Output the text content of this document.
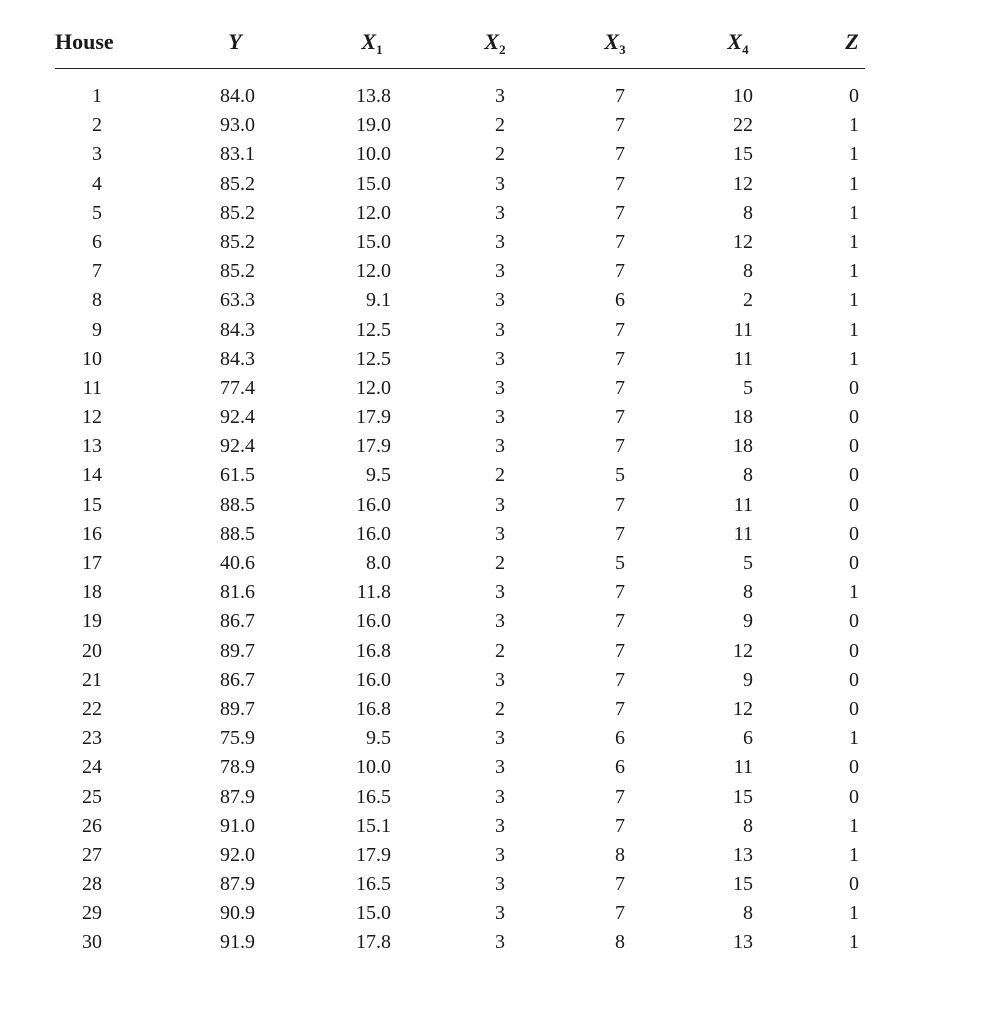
House	Y	$X_1$	$X_2$	$X_3$	$X_4$	Z
1	84.0	13.8	3	7	10	0
2	93.0	19.0	2	7	22	1
3	83.1	10.0	2	7	15	1
4	85.2	15.0	3	7	12	1
5	85.2	12.0	3	7	8	1
6	85.2	15.0	3	7	12	1
7	85.2	12.0	3	7	8	1
8	63.3	9.1	3	6	2	1
9	84.3	12.5	3	7	11	1
10	84.3	12.5	3	7	11	1
11	77.4	12.0	3	7	5	0
12	92.4	17.9	3	7	18	0
13	92.4	17.9	3	7	18	0
14	61.5	9.5	2	5	8	0
15	88.5	16.0	3	7	11	0
16	88.5	16.0	3	7	11	0
17	40.6	8.0	2	5	5	0
18	81.6	11.8	3	7	8	1
19	86.7	16.0	3	7	9	0
20	89.7	16.8	2	7	12	0
21	86.7	16.0	3	7	9	0
22	89.7	16.8	2	7	12	0
23	75.9	9.5	3	6	6	1
24	78.9	10.0	3	6	11	0
25	87.9	16.5	3	7	15	0
26	91.0	15.1	3	7	8	1
27	92.0	17.9	3	8	13	1
28	87.9	16.5	3	7	15	0
29	90.9	15.0	3	7	8	1
30	91.9	17.8	3	8	13	1
